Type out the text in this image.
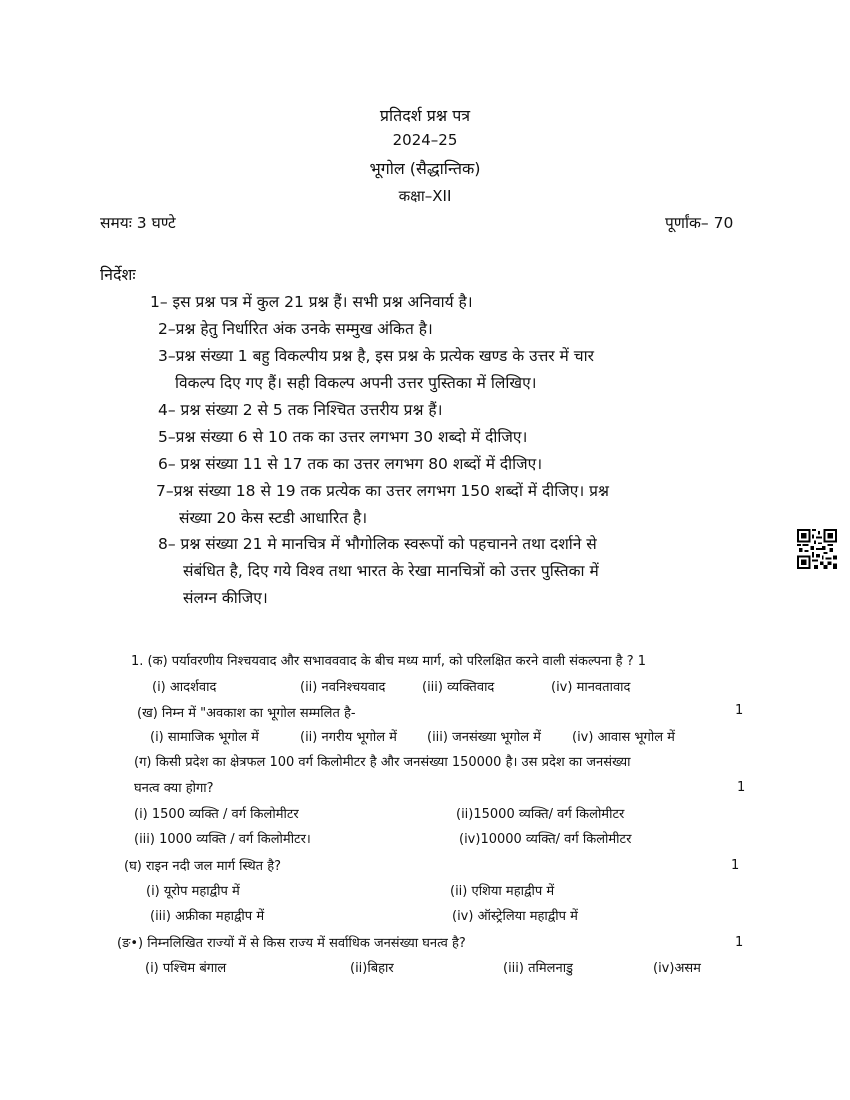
प्रतिदर्श प्रश्न पत्र
2024–25
भूगोल (सैद्धान्तिक)
कक्षा–XII
समयः 3 घण्टे	पूर्णांक– 70
निर्देशः
1– इस प्रश्न पत्र में कुल 21 प्रश्न हैं। सभी प्रश्न अनिवार्य है।
2–प्रश्न हेतु निर्धारित अंक उनके सम्मुख अंकित है।
3–प्रश्न संख्या 1 बहु विकल्पीय प्रश्न है, इस प्रश्न के प्रत्येक खण्ड के उत्तर में चार
विकल्प दिए गए हैं। सही विकल्प अपनी उत्तर पुस्तिका में लिखिए।
4– प्रश्न संख्या 2 से 5 तक निश्चित उत्तरीय प्रश्न हैं।
5–प्रश्न संख्या 6 से 10 तक का उत्तर लगभग 30 शब्दो में दीजिए।
6– प्रश्न संख्या 11 से 17 तक का उत्तर लगभग 80 शब्दों में दीजिए।
7–प्रश्न संख्या 18 से 19 तक प्रत्येक का उत्तर लगभग 150 शब्दों में दीजिए। प्रश्न
संख्या 20 केस स्टडी आधारित है।
8– प्रश्न संख्या 21 मे मानचित्र में भौगोलिक स्वरूपों को पहचानने तथा दर्शाने से
संबंधित है, दिए गये विश्व तथा भारत के रेखा मानचित्रों को उत्तर पुस्तिका में
संलग्न कीजिए।
1. (क) पर्यावरणीय निश्चयवाद और सभावववाद के बीच मध्य मार्ग, को परिलक्षित करने वाली संकल्पना है ? 1
(i) आदर्शवाद	(ii) नवनिश्चयवाद	(iii) व्यक्तिवाद	(iv) मानवतावाद
(ख) निम्न में "अवकाश का भूगोल सम्मलित है-	1
(i) सामाजिक भूगोल में	(ii) नगरीय भूगोल में (iii) जनसंख्या भूगोल में (iv) आवास भूगोल में
(ग) किसी प्रदेश का क्षेत्रफल 100 वर्ग किलोमीटर है और जनसंख्या 150000 है। उस प्रदेश का जनसंख्या
घनत्व क्या होगा?	1
(i) 1500 व्यक्ति / वर्ग किलोमीटर	(ii)15000 व्यक्ति/ वर्ग किलोमीटर
(iii) 1000 व्यक्ति / वर्ग किलोमीटर।	(iv)10000 व्यक्ति/ वर्ग किलोमीटर
(घ) राइन नदी जल मार्ग स्थित है?	1
(i) यूरोप महाद्वीप में	(ii) एशिया महाद्वीप में
(iii) अफ्रीका महाद्वीप में	(iv) ऑस्ट्रेलिया महाद्वीप में
(ङ•) निम्नलिखित राज्यों में से किस राज्य में सर्वाधिक जनसंख्या घनत्व है?	1
(i) पश्चिम बंगाल	(ii)बिहार	(iii) तमिलनाडु	(iv)असम
